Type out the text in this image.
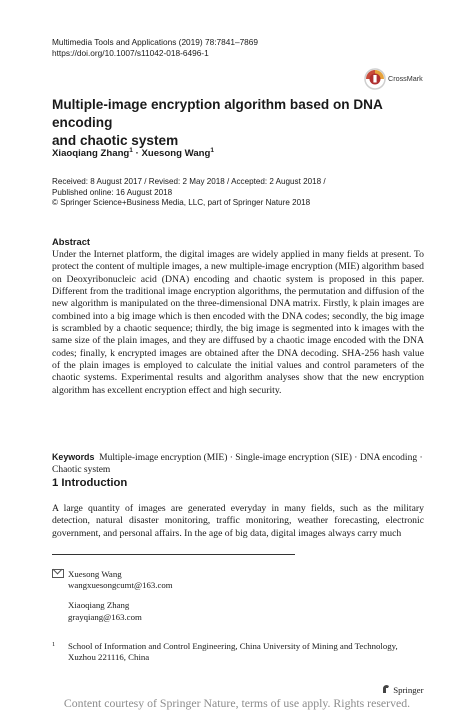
Multimedia Tools and Applications (2019) 78:7841–7869
https://doi.org/10.1007/s11042-018-6496-1
CrossMark
Multiple-image encryption algorithm based on DNA encoding
and chaotic system
Xiaoqiang Zhang$^1$ · Xuesong Wang$^1$
Received: 8 August 2017 / Revised: 2 May 2018 / Accepted: 2 August 2018 /
Published online: 16 August 2018
© Springer Science+Business Media, LLC, part of Springer Nature 2018
Abstract
Under the Internet platform, the digital images are widely applied in many fields at present. To protect the content of multiple images, a new multiple-image encryption (MIE) algorithm based on Deoxyribonucleic acid (DNA) encoding and chaotic system is proposed in this paper. Different from the traditional image encryption algorithms, the permutation and diffusion of the new algorithm is manipulated on the three-dimensional DNA matrix. Firstly, k plain images are combined into a big image which is then encoded with the DNA codes; secondly, the big image is scrambled by a chaotic sequence; thirdly, the big image is segmented into k images with the same size of the plain images, and they are diffused by a chaotic image encoded with the DNA codes; finally, k encrypted images are obtained after the DNA decoding. SHA-256 hash value of the plain images is employed to calculate the initial values and control parameters of the chaotic systems. Experimental results and algorithm analyses show that the new encryption algorithm has excellent encryption effect and high security.
Keywords Multiple-image encryption (MIE) · Single-image encryption (SIE) · DNA encoding · Chaotic system
1 Introduction
A large quantity of images are generated everyday in many fields, such as the military detection, natural disaster monitoring, traffic monitoring, weather forecasting, electronic government, and personal affairs. In the age of big data, digital images always carry much
Xuesong Wang
wangxuesongcumt@163.com
Xiaoqiang Zhang
grayqiang@163.com
1 School of Information and Control Engineering, China University of Mining and Technology,
Xuzhou 221116, China
Springer
Content courtesy of Springer Nature, terms of use apply. Rights reserved.
